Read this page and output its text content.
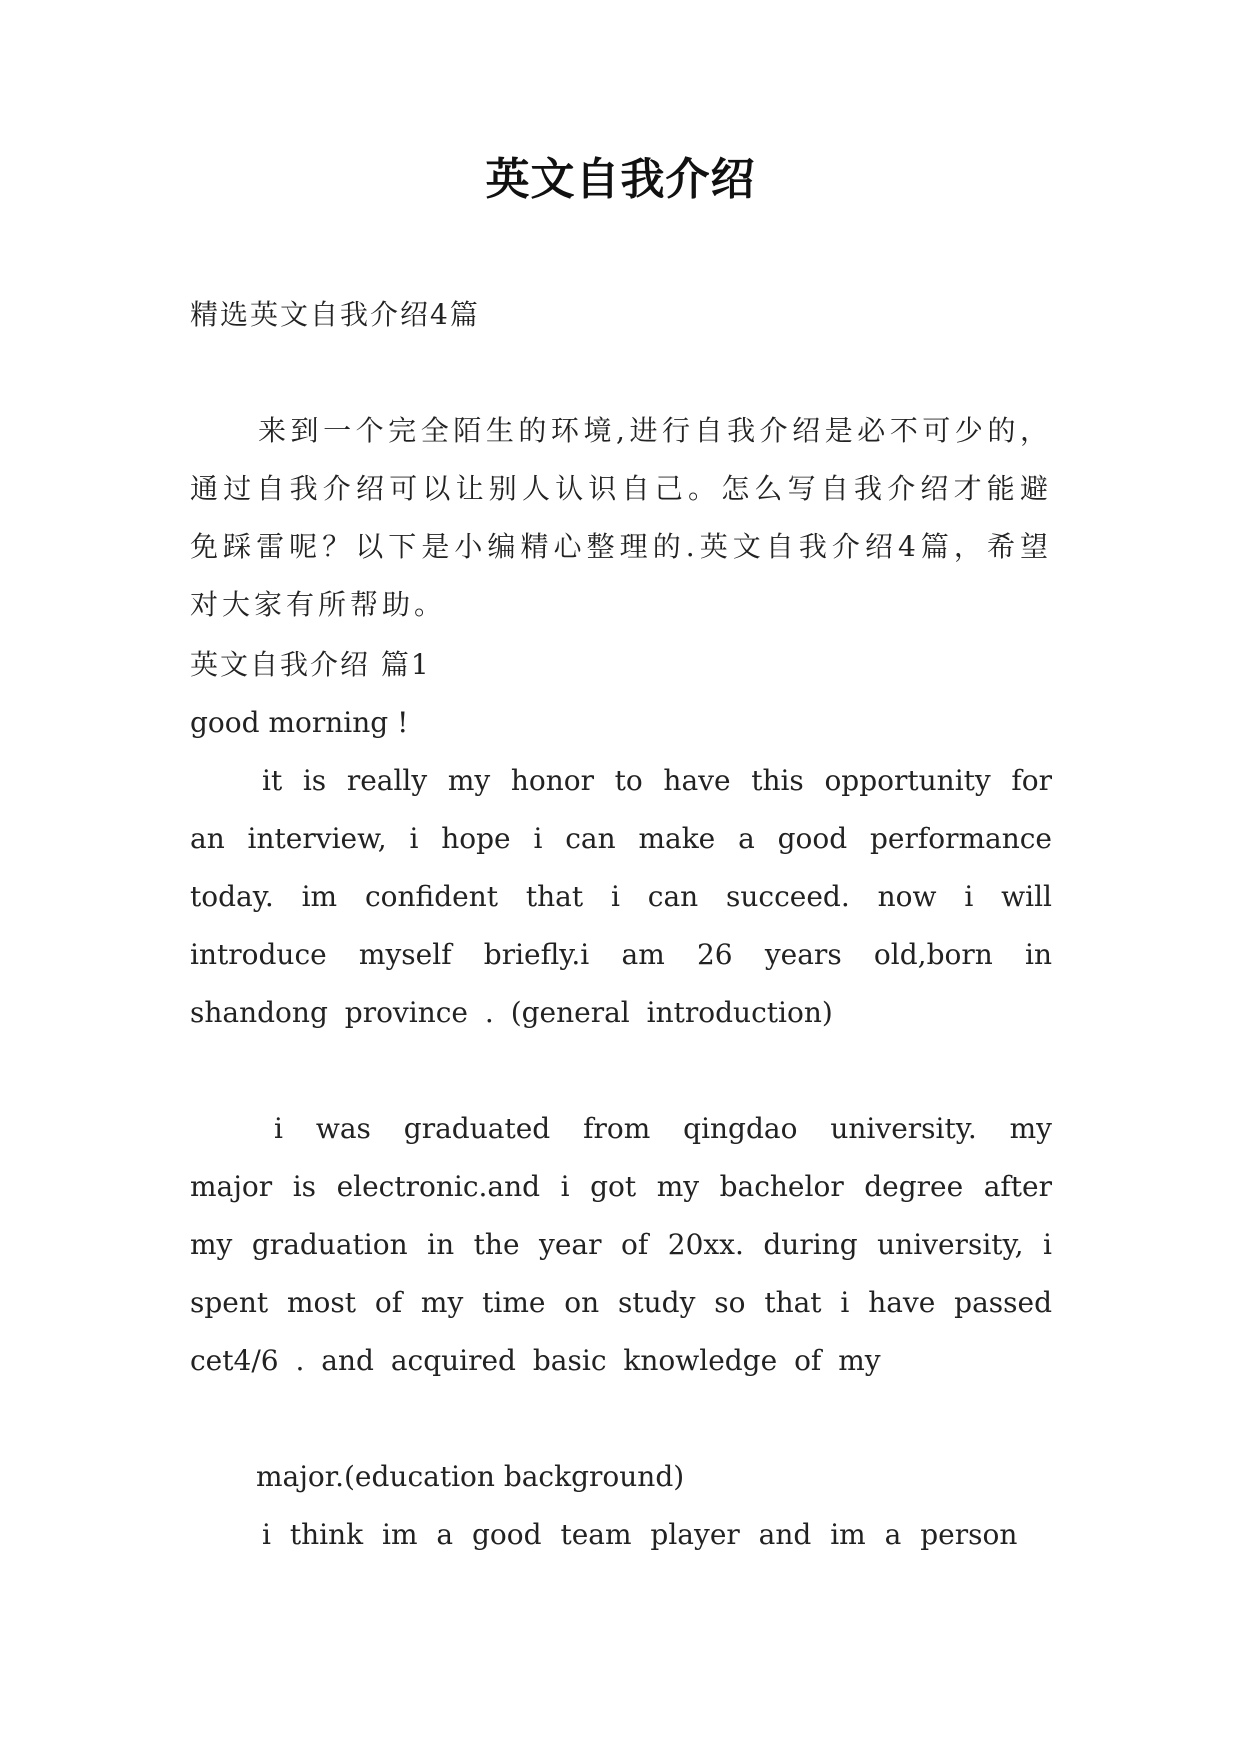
英文自我介绍
精选英文自我介绍4篇
来到一个完全陌生的环境,进行自我介绍是必不可少的，通过自我介绍可以让别人认识自己。怎么写自我介绍才能避免踩雷呢？以下是小编精心整理的.英文自我介绍4篇，希望对大家有所帮助。
英文自我介绍 篇1
good morning !
it is really my honor to have this opportunity for an interview, i hope i can make a good performance today. im confident that i can succeed. now i will introduce myself briefly.i am 26 years old,born in shandong province . (general introduction)
i was graduated from qingdao university. my major is electronic.and i got my bachelor degree after my graduation in the year of 20xx. during university, i spent most of my time on study so that i have passed cet4/6 . and acquired basic knowledge of my
major.(education background)
i think im a good team player and im a person
